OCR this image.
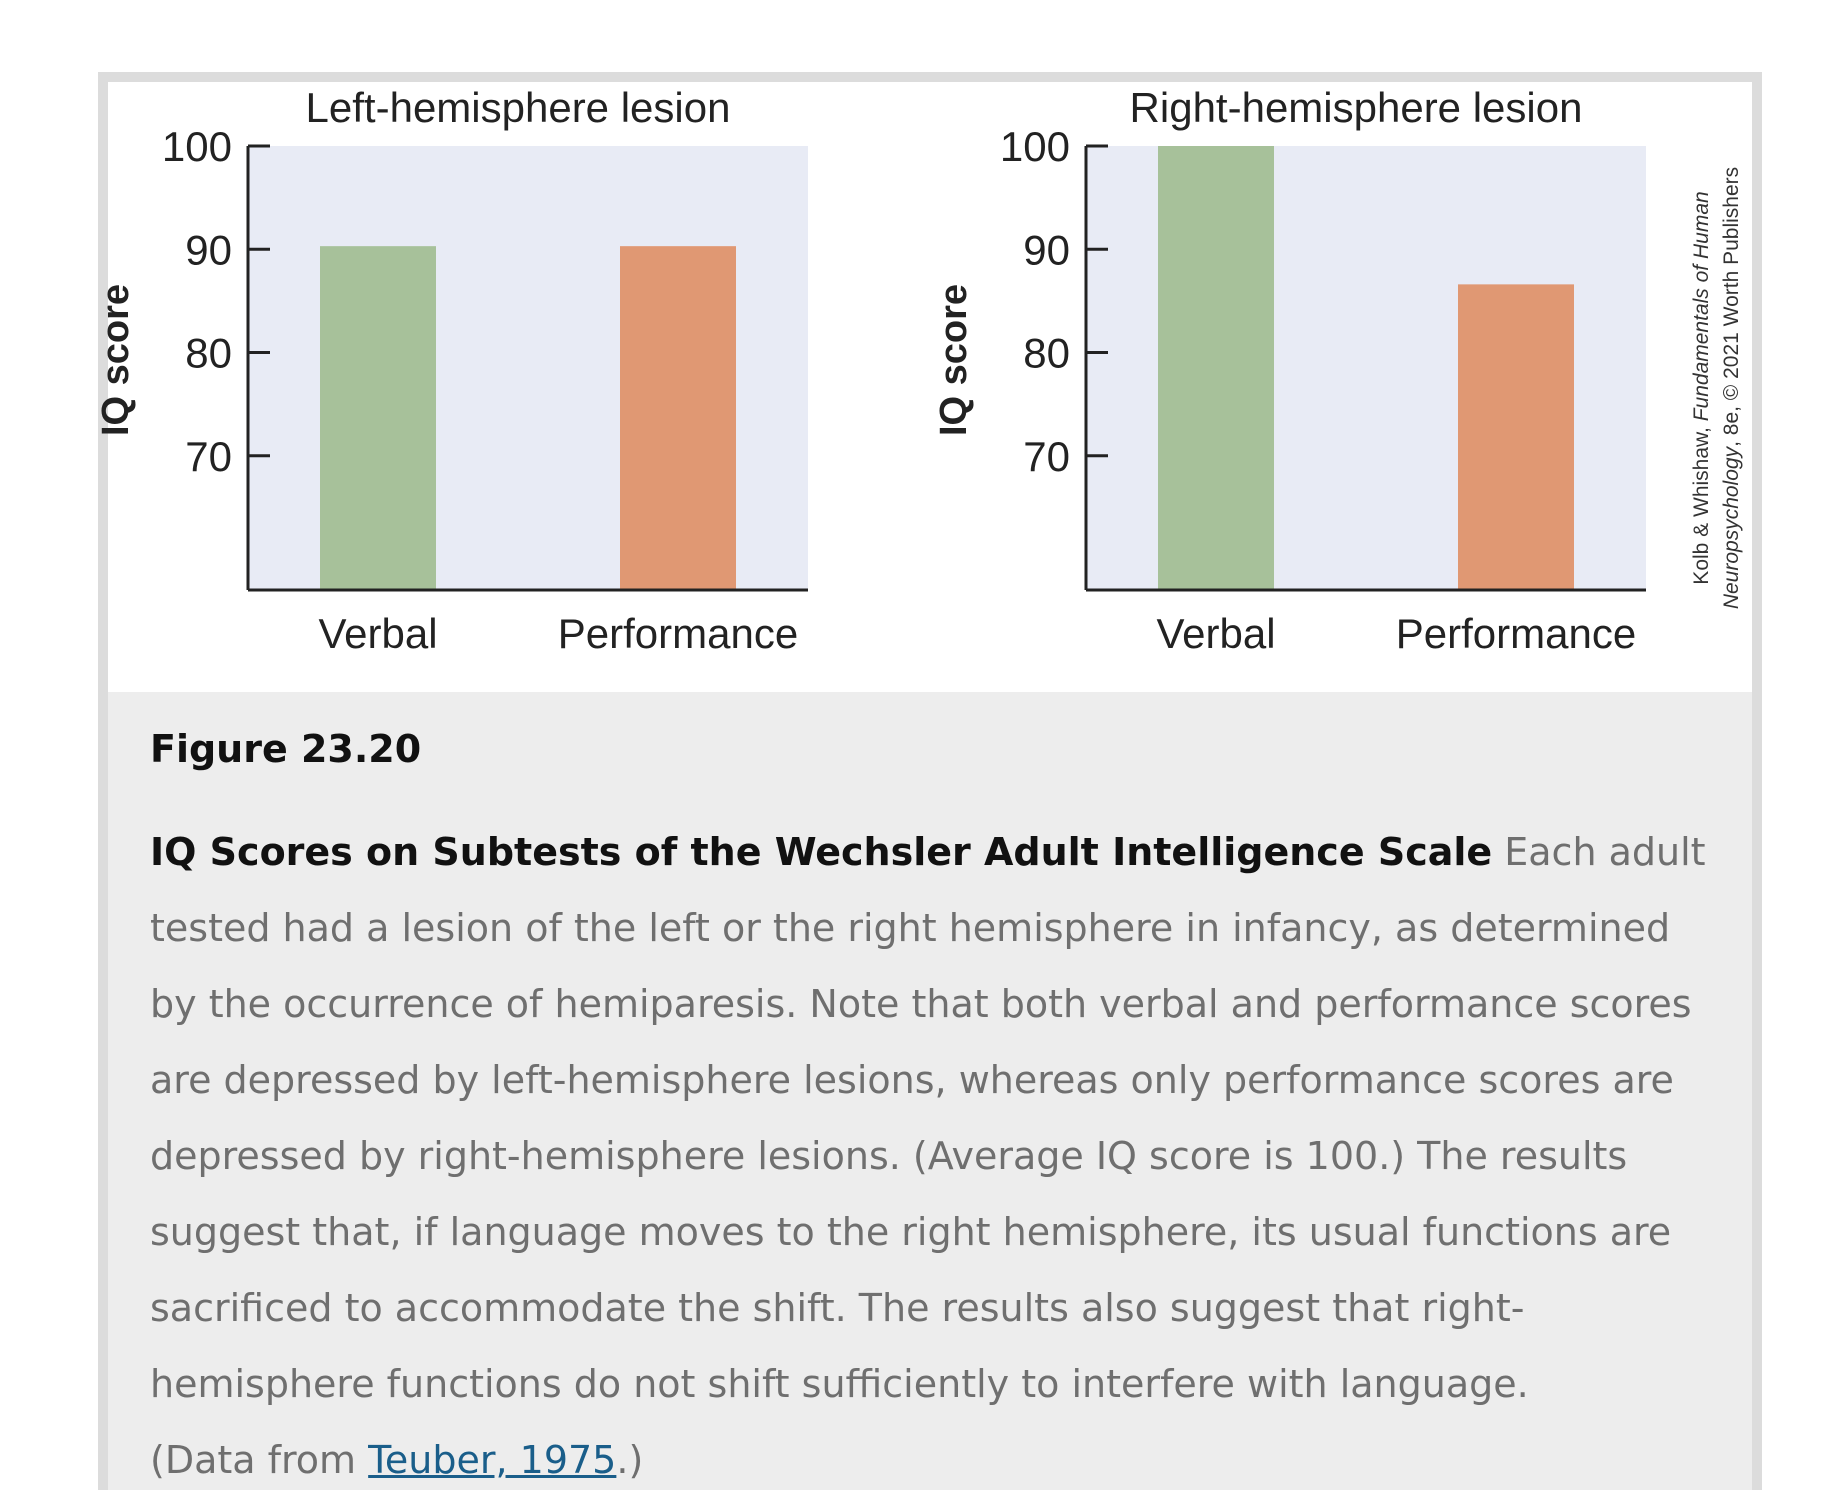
Verbal	Performance
70
80
90
100
Left-hemisphere lesion
IQ score
Verbal	Performance
70
80
90
100
Right-hemisphere lesion
IQ score
Kolb & Whishaw, Fundamentals of Human
Neuropsychology, 8e, © 2021 Worth Publishers

Figure 23.20

IQ Scores on Subtests of the Wechsler Adult Intelligence Scale Each adult tested had a lesion of the left or the right hemisphere in infancy, as determined by the occurrence of hemiparesis. Note that both verbal and performance scores are depressed by left-hemisphere lesions, whereas only performance scores are depressed by right-hemisphere lesions. (Average IQ score is 100.) The results suggest that, if language moves to the right hemisphere, its usual functions are sacrificed to accommodate the shift. The results also suggest that right-hemisphere functions do not shift sufficiently to interfere with language.
(Data from Teuber, 1975.)
